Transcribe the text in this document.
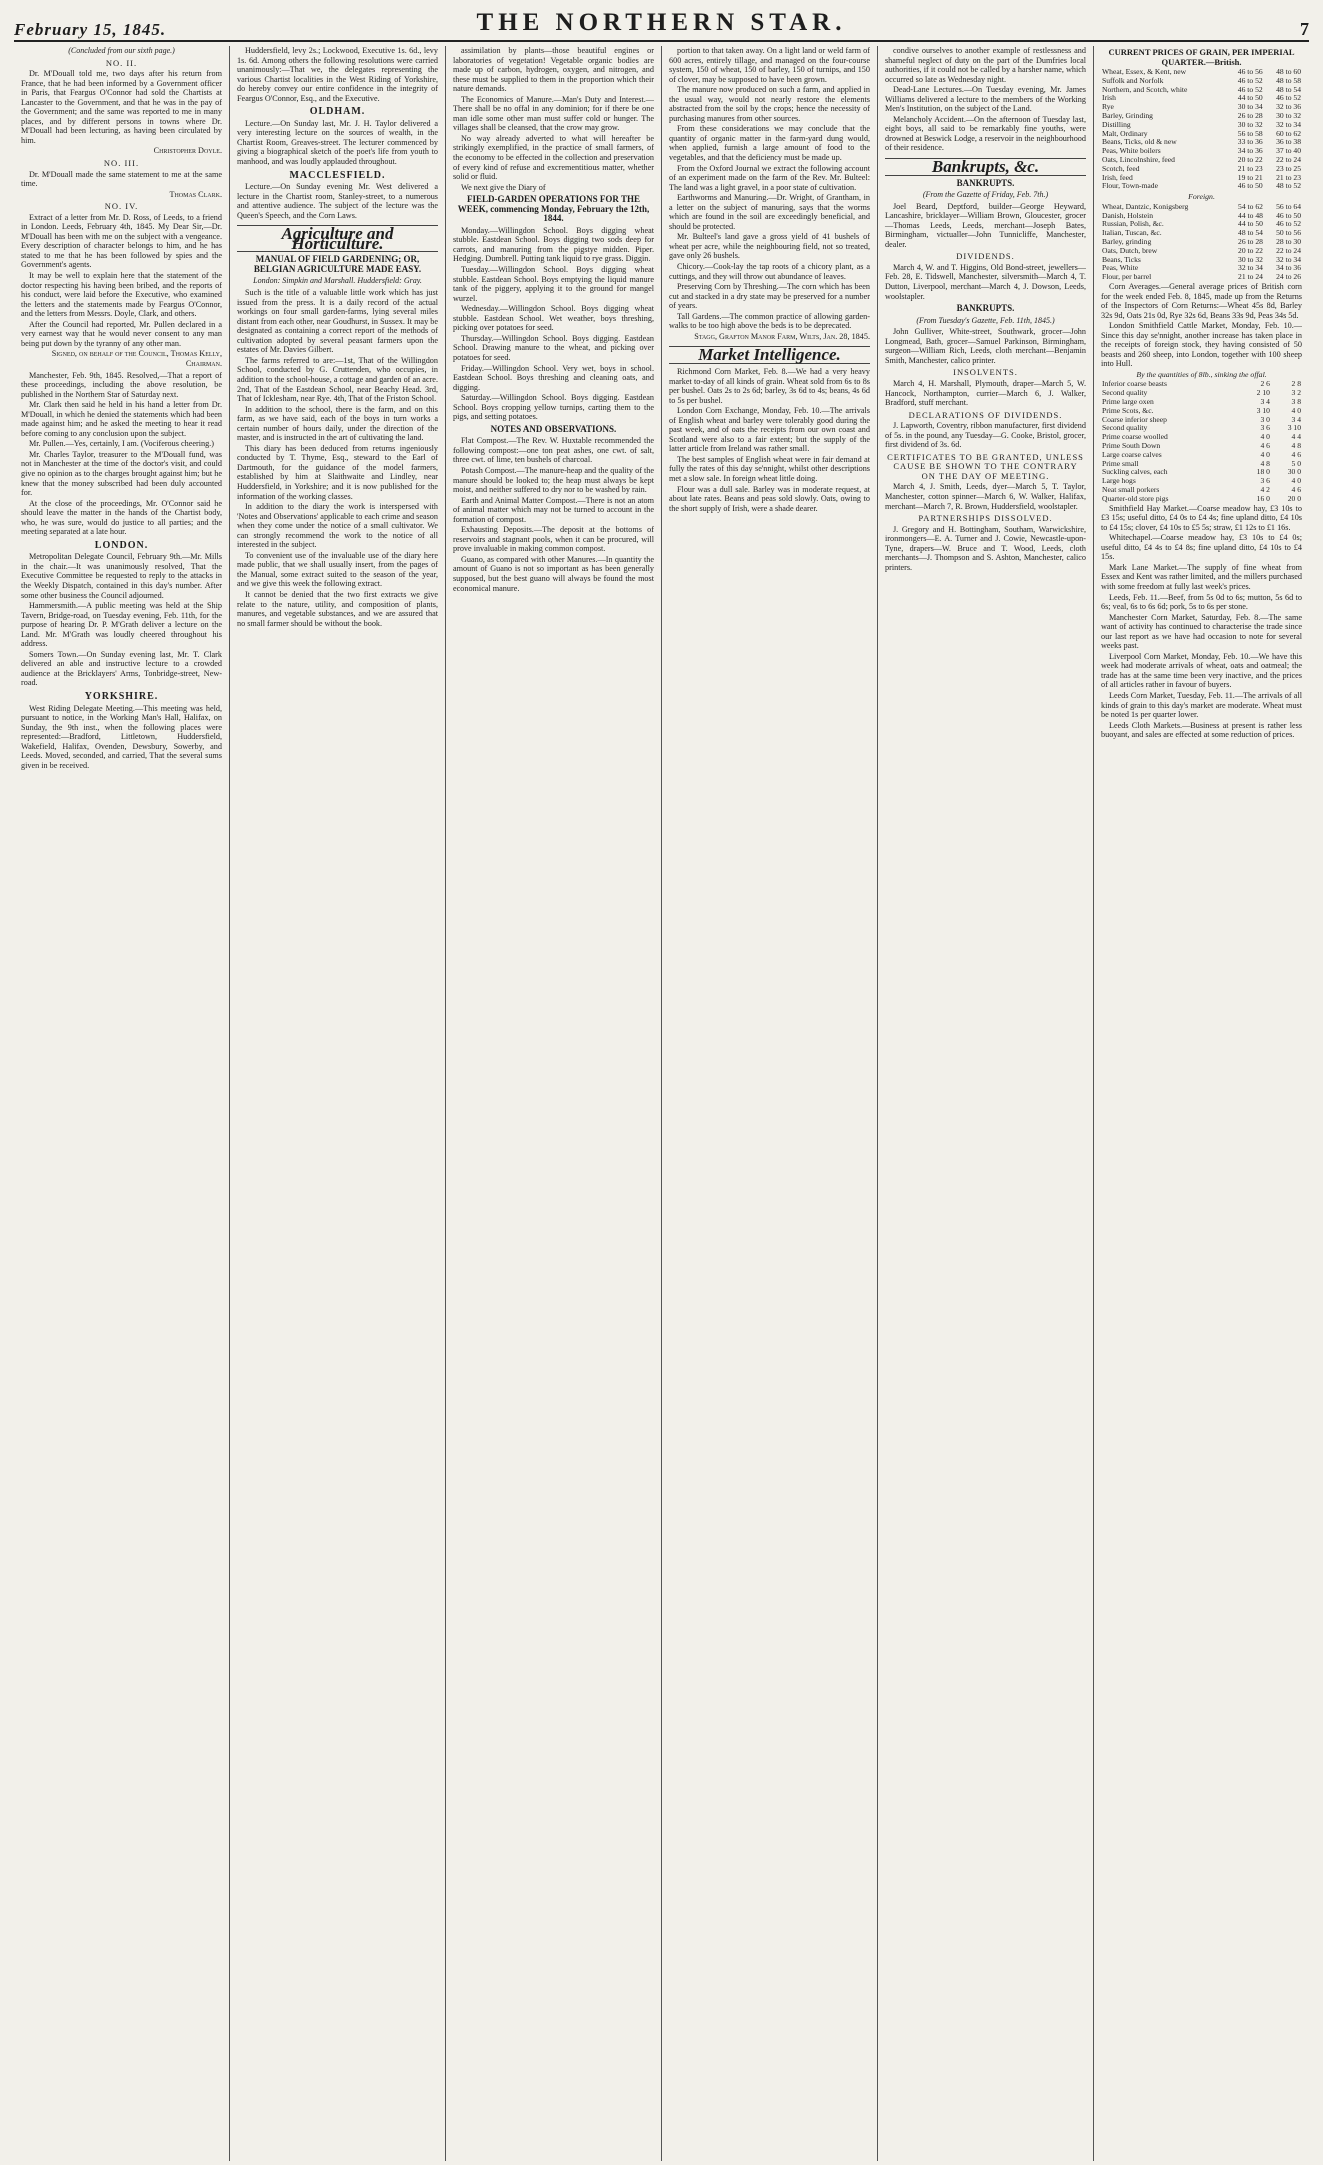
February 15, 1845.	THE NORTHERN STAR.	7
(Concluded from our sixth page.)
NO. II.

Dr. M'Douall told me, two days after his return from France, that he had been informed by a Government officer in Paris, that Feargus O'Connor had sold the Chartists at Lancaster to the Government, and that he was in the pay of the Government; and the same was reported to me in many places, and by different persons in towns where Dr. M'Douall had been lecturing, as having been circulated by him.

Christopher Doyle.
NO. III.

Dr. M'Douall made the same statement to me at the same time.

Thomas Clark.
NO. IV.

Extract of a letter from Mr. D. Ross, of Leeds, to a friend in London. Leeds, February 4th, 1845. My Dear Sir,—Dr. M'Douall has been with me on the subject with a vengeance. Every description of character belongs to him, and he has stated to me that he has been followed by spies and the Government's agents.

It may be well to explain here that the statement of the doctor respecting his having been bribed, and the reports of his conduct, were laid before the Executive, who examined the letters and the statements made by Feargus O'Connor, and the letters from Messrs. Doyle, Clark, and others.

After the Council had reported, Mr. Pullen declared in a very earnest way that he would never consent to any man being put down by the tyranny of any other man.

Signed, on behalf of the Council, Thomas Kelly, Chairman.

Manchester, Feb. 9th, 1845. Resolved,—That a report of these proceedings, including the above resolution, be published in the Northern Star of Saturday next.

Mr. Clark then said he held in his hand a letter from Dr. M'Douall, in which he denied the statements which had been made against him; and he asked the meeting to hear it read before coming to any conclusion upon the subject.

Mr. Pullen.—Yes, certainly, I am. (Vociferous cheering.)

Mr. Charles Taylor, treasurer to the M'Douall fund, was not in Manchester at the time of the doctor's visit, and could give no opinion as to the charges brought against him; but he knew that the money subscribed had been duly accounted for.

At the close of the proceedings, Mr. O'Connor said he should leave the matter in the hands of the Chartist body, who, he was sure, would do justice to all parties; and the meeting separated at a late hour.

LONDON.

Metropolitan Delegate Council, February 9th.—Mr. Mills in the chair.—It was unanimously resolved, That the Executive Committee be requested to reply to the attacks in the Weekly Dispatch, contained in this day's number. After some other business the Council adjourned.

Hammersmith.—A public meeting was held at the Ship Tavern, Bridge-road, on Tuesday evening, Feb. 11th, for the purpose of hearing Dr. P. M'Grath deliver a lecture on the Land. Mr. M'Grath was loudly cheered throughout his address.

Somers Town.—On Sunday evening last, Mr. T. Clark delivered an able and instructive lecture to a crowded audience at the Bricklayers' Arms, Tonbridge-street, New-road.

YORKSHIRE.

West Riding Delegate Meeting.—This meeting was held, pursuant to notice, in the Working Man's Hall, Halifax, on Sunday, the 9th inst., when the following places were represented:—Bradford, Littletown, Huddersfield, Wakefield, Halifax, Ovenden, Dewsbury, Sowerby, and Leeds. Moved, seconded, and carried, That the several sums given in be received.

Huddersfield, levy 2s.; Lockwood, Executive 1s. 6d., levy 1s. 6d. Among others the following resolutions were carried unanimously:—That we, the delegates representing the various Chartist localities in the West Riding of Yorkshire, do hereby convey our entire confidence in the integrity of Feargus O'Connor, Esq., and the Executive.

OLDHAM.

Lecture.—On Sunday last, Mr. J. H. Taylor delivered a very interesting lecture on the sources of wealth, in the Chartist Room, Greaves-street. The lecturer commenced by giving a biographical sketch of the poet's life from youth to manhood, and was loudly applauded throughout.

MACCLESFIELD.

Lecture.—On Sunday evening Mr. West delivered a lecture in the Chartist room, Stanley-street, to a numerous and attentive audience. The subject of the lecture was the Queen's Speech, and the Corn Laws.

Agriculture and Horticulture.
MANUAL OF FIELD GARDENING; OR, BELGIAN AGRICULTURE MADE EASY.
London: Simpkin and Marshall. Huddersfield: Gray.

Such is the title of a valuable little work which has just issued from the press. It is a daily record of the actual workings on four small garden-farms, lying several miles distant from each other, near Goudhurst, in Sussex. It may be designated as containing a correct report of the methods of cultivation adopted by several peasant farmers upon the estates of Mr. Davies Gilbert.

The farms referred to are:—1st, That of the Willingdon School, conducted by G. Cruttenden, who occupies, in addition to the school-house, a cottage and garden of an acre. 2nd, That of the Eastdean School, near Beachy Head. 3rd, That of Icklesham, near Rye. 4th, That of the Friston School.

In addition to the school, there is the farm, and on this farm, as we have said, each of the boys in turn works a certain number of hours daily, under the direction of the master, and is instructed in the art of cultivating the land.

This diary has been deduced from returns ingeniously conducted by T. Thyme, Esq., steward to the Earl of Dartmouth, for the guidance of the model farmers, established by him at Slaithwaite and Lindley, near Huddersfield, in Yorkshire; and it is now published for the information of the working classes.

In addition to the diary the work is interspersed with 'Notes and Observations' applicable to each crime and season when they come under the notice of a small cultivator. We can strongly recommend the work to the notice of all interested in the subject.

To convenient use of the invaluable use of the diary here made public, that we shall usually insert, from the pages of the Manual, some extract suited to the season of the year, and we give this week the following extract.

It cannot be denied that the two first extracts we give relate to the nature, utility, and composition of plants, manures, and vegetable substances, and we are assured that no small farmer should be without the book.

assimilation by plants—those beautiful engines or laboratories of vegetation! Vegetable organic bodies are made up of carbon, hydrogen, oxygen, and nitrogen, and these must be supplied to them in the proportion which their nature demands.

The Economics of Manure.—Man's Duty and Interest.—There shall be no offal in any dominion; for if there be one man idle some other man must suffer cold or hunger. The villages shall be cleansed, that the crow may grow.

No way already adverted to what will hereafter be strikingly exemplified, in the practice of small farmers, of the economy to be effected in the collection and preservation of every kind of refuse and excrementitious matter, whether solid or fluid.

We next give the Diary of

FIELD-GARDEN OPERATIONS FOR THE WEEK, commencing Monday, February the 12th, 1844.

Monday.—Willingdon School. Boys digging wheat stubble. Eastdean School. Boys digging two sods deep for carrots, and manuring from the pigstye midden. Piper. Hedging. Dumbrell. Putting tank liquid to rye grass. Diggin.

Tuesday.—Willingdon School. Boys digging wheat stubble. Eastdean School. Boys emptying the liquid manure tank of the piggery, applying it to the ground for mangel wurzel.

Wednesday.—Willingdon School. Boys digging wheat stubble. Eastdean School. Wet weather, boys threshing, picking over potatoes for seed.

Thursday.—Willingdon School. Boys digging. Eastdean School. Drawing manure to the wheat, and picking over potatoes for seed.

Friday.—Willingdon School. Very wet, boys in school. Eastdean School. Boys threshing and cleaning oats, and digging.

Saturday.—Willingdon School. Boys digging. Eastdean School. Boys cropping yellow turnips, carting them to the pigs, and setting potatoes.

NOTES AND OBSERVATIONS.

Flat Compost.—The Rev. W. Huxtable recommended the following compost:—one ton peat ashes, one cwt. of salt, three cwt. of lime, ten bushels of charcoal.

Potash Compost.—The manure-heap and the quality of the manure should be looked to; the heap must always be kept moist, and neither suffered to dry nor to be washed by rain.

Earth and Animal Matter Compost.—There is not an atom of animal matter which may not be turned to account in the formation of compost.

Exhausting Deposits.—The deposit at the bottoms of reservoirs and stagnant pools, when it can be procured, will prove invaluable in making common compost.

Guano, as compared with other Manures.—In quantity the amount of Guano is not so important as has been generally supposed, but the best guano will always be found the most economical manure.

portion to that taken away. On a light land or weld farm of 600 acres, entirely tillage, and managed on the four-course system, 150 of wheat, 150 of barley, 150 of turnips, and 150 of clover, may be supposed to have been grown.

The manure now produced on such a farm, and applied in the usual way, would not nearly restore the elements abstracted from the soil by the crops; hence the necessity of purchasing manures from other sources.

From these considerations we may conclude that the quantity of organic matter in the farm-yard dung would, when applied, furnish a large amount of food to the vegetables, and that the deficiency must be made up.

From the Oxford Journal we extract the following account of an experiment made on the farm of the Rev. Mr. Bulteel: The land was a light gravel, in a poor state of cultivation.

Earthworms and Manuring.—Dr. Wright, of Grantham, in a letter on the subject of manuring, says that the worms which are found in the soil are exceedingly beneficial, and should be protected.

Mr. Bulteel's land gave a gross yield of 41 bushels of wheat per acre, while the neighbouring field, not so treated, gave only 26 bushels.

Chicory.—Cook-lay the tap roots of a chicory plant, as a cuttings, and they will throw out abundance of leaves.

Preserving Corn by Threshing.—The corn which has been cut and stacked in a dry state may be preserved for a number of years.

Tall Gardens.—The common practice of allowing garden-walks to be too high above the beds is to be deprecated.

Stagg, Grafton Manor Farm, Wilts, Jan. 28, 1845.
Market Intelligence.

Richmond Corn Market, Feb. 8.—We had a very heavy market to-day of all kinds of grain. Wheat sold from 6s to 8s per bushel. Oats 2s to 2s 6d; barley, 3s 6d to 4s; beans, 4s 6d to 5s per bushel.

London Corn Exchange, Monday, Feb. 10.—The arrivals of English wheat and barley were tolerably good during the past week, and of oats the receipts from our own coast and Scotland were also to a fair extent; but the supply of the latter article from Ireland was rather small.

The best samples of English wheat were in fair demand at fully the rates of this day se'nnight, whilst other descriptions met a slow sale. In foreign wheat little doing.

Flour was a dull sale. Barley was in moderate request, at about late rates. Beans and peas sold slowly. Oats, owing to the short supply of Irish, were a shade dearer.

condive ourselves to another example of restlessness and shameful neglect of duty on the part of the Dumfries local authorities, if it could not be called by a harsher name, which occurred so late as Wednesday night.

Dead-Lane Lectures.—On Tuesday evening, Mr. James Williams delivered a lecture to the members of the Working Men's Institution, on the subject of the Land.

Melancholy Accident.—On the afternoon of Tuesday last, eight boys, all said to be remarkably fine youths, were drowned at Beswick Lodge, a reservoir in the neighbourhood of their residence.

Bankrupts, &c.
BANKRUPTS.
(From the Gazette of Friday, Feb. 7th.)

Joel Beard, Deptford, builder—George Heyward, Lancashire, bricklayer—William Brown, Gloucester, grocer—Thomas Leeds, Leeds, merchant—Joseph Bates, Birmingham, victualler—John Tunnicliffe, Manchester, dealer.

DIVIDENDS.

March 4, W. and T. Higgins, Old Bond-street, jewellers—Feb. 28, E. Tidswell, Manchester, silversmith—March 4, T. Dutton, Liverpool, merchant—March 4, J. Dowson, Leeds, woolstapler.

BANKRUPTS.
(From Tuesday's Gazette, Feb. 11th, 1845.)

John Gulliver, White-street, Southwark, grocer—John Longmead, Bath, grocer—Samuel Parkinson, Birmingham, surgeon—William Rich, Leeds, cloth merchant—Benjamin Smith, Manchester, calico printer.

INSOLVENTS.

March 4, H. Marshall, Plymouth, draper—March 5, W. Hancock, Northampton, currier—March 6, J. Walker, Bradford, stuff merchant.

DECLARATIONS OF DIVIDENDS.

J. Lapworth, Coventry, ribbon manufacturer, first dividend of 5s. in the pound, any Tuesday—G. Cooke, Bristol, grocer, first dividend of 3s. 6d.

CERTIFICATES TO BE GRANTED, UNLESS CAUSE BE SHOWN TO THE CONTRARY ON THE DAY OF MEETING.

March 4, J. Smith, Leeds, dyer—March 5, T. Taylor, Manchester, cotton spinner—March 6, W. Walker, Halifax, merchant—March 7, R. Brown, Huddersfield, woolstapler.

PARTNERSHIPS DISSOLVED.

J. Gregory and H. Bottingham, Southam, Warwickshire, ironmongers—E. A. Turner and J. Cowie, Newcastle-upon-Tyne, drapers—W. Bruce and T. Wood, Leeds, cloth merchants—J. Thompson and S. Ashton, Manchester, calico printers.

CURRENT PRICES OF GRAIN, PER IMPERIAL QUARTER.—British.
Wheat, Essex, & Kent, new	46 to 56	48 to 60
Suffolk and Norfolk	46 to 52	48 to 58
Northern, and Scotch, white	46 to 52	48 to 54
Irish	44 to 50	46 to 52
Rye	30 to 34	32 to 36
Barley, Grinding	26 to 28	30 to 32
Distilling	30 to 32	32 to 34
Malt, Ordinary	56 to 58	60 to 62
Beans, Ticks, old & new	33 to 36	36 to 38
Peas, White boilers	34 to 36	37 to 40
Oats, Lincolnshire, feed	20 to 22	22 to 24
Scotch, feed	21 to 23	23 to 25
Irish, feed	19 to 21	21 to 23
Flour, Town-made	46 to 50	48 to 52
Foreign.
Wheat, Dantzic, Konigsberg	54 to 62	56 to 64
Danish, Holstein	44 to 48	46 to 50
Russian, Polish, &c.	44 to 50	46 to 52
Italian, Tuscan, &c.	48 to 54	50 to 56
Barley, grinding	26 to 28	28 to 30
Oats, Dutch, brew	20 to 22	22 to 24
Beans, Ticks	30 to 32	32 to 34
Peas, White	32 to 34	34 to 36
Flour, per barrel	21 to 24	24 to 26

Corn Averages.—General average prices of British corn for the week ended Feb. 8, 1845, made up from the Returns of the Inspectors of Corn Returns:—Wheat 45s 8d, Barley 32s 9d, Oats 21s 0d, Rye 32s 6d, Beans 33s 9d, Peas 34s 5d.

London Smithfield Cattle Market, Monday, Feb. 10.—Since this day se'nnight, another increase has taken place in the receipts of foreign stock, they having consisted of 50 beasts and 260 sheep, into London, together with 100 sheep into Hull.

By the quantities of 8lb., sinking the offal.
Inferior coarse beasts	2 6	2 8
Second quality	2 10	3 2
Prime large oxen	3 4	3 8
Prime Scots, &c.	3 10	4 0
Coarse inferior sheep	3 0	3 4
Second quality	3 6	3 10
Prime coarse woolled	4 0	4 4
Prime South Down	4 6	4 8
Large coarse calves	4 0	4 6
Prime small	4 8	5 0
Suckling calves, each	18 0	30 0
Large hogs	3 6	4 0
Neat small porkers	4 2	4 6
Quarter-old store pigs	16 0	20 0

Smithfield Hay Market.—Coarse meadow hay, £3 10s to £3 15s; useful ditto, £4 0s to £4 4s; fine upland ditto, £4 10s to £4 15s; clover, £4 10s to £5 5s; straw, £1 12s to £1 16s.

Whitechapel.—Coarse meadow hay, £3 10s to £4 0s; useful ditto, £4 4s to £4 8s; fine upland ditto, £4 10s to £4 15s.

Mark Lane Market.—The supply of fine wheat from Essex and Kent was rather limited, and the millers purchased with some freedom at fully last week's prices.

Leeds, Feb. 11.—Beef, from 5s 0d to 6s; mutton, 5s 6d to 6s; veal, 6s to 6s 6d; pork, 5s to 6s per stone.

Manchester Corn Market, Saturday, Feb. 8.—The same want of activity has continued to characterise the trade since our last report as we have had occasion to note for several weeks past.

Liverpool Corn Market, Monday, Feb. 10.—We have this week had moderate arrivals of wheat, oats and oatmeal; the trade has at the same time been very inactive, and the prices of all articles rather in favour of buyers.

Leeds Corn Market, Tuesday, Feb. 11.—The arrivals of all kinds of grain to this day's market are moderate. Wheat must be noted 1s per quarter lower.

Leeds Cloth Markets.—Business at present is rather less buoyant, and sales are effected at some reduction of prices.
